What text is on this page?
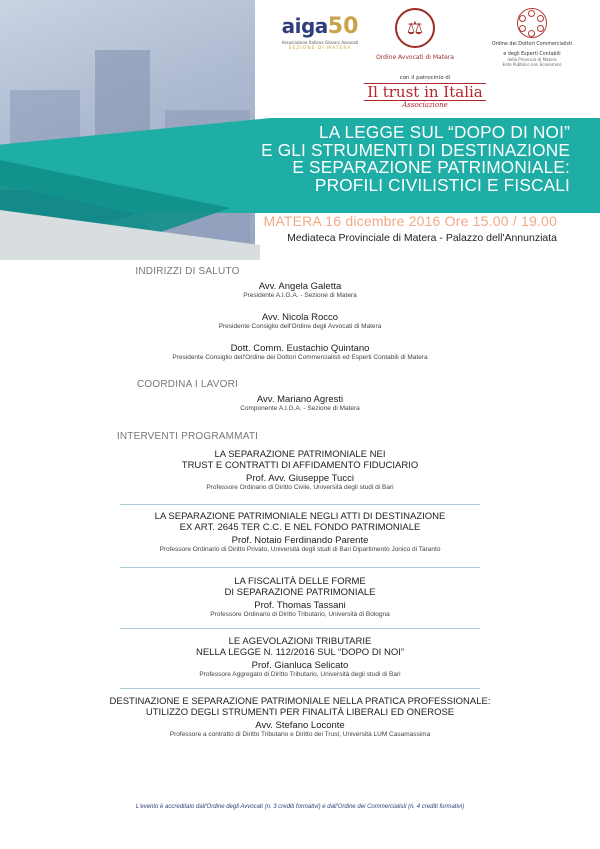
aiga50
Associazione Italiana Giovani Avvocati
SEZIONE DI MATERA
⚖
Ordine Avvocati di Matera
Ordine dei Dottori Commercialisti
e degli Esperti Contabili
della Provincia di Matera
Ente Pubblico non Economico
con il patrocinio di
Il trust in Italia
Associazione
LA LEGGE SUL “DOPO DI NOI”
E GLI STRUMENTI DI DESTINAZIONE
E SEPARAZIONE PATRIMONIALE:
PROFILI CIVILISTICI E FISCALI
MATERA 16 dicembre 2016 Ore 15.00 / 19.00
Mediateca Provinciale di Matera - Palazzo dell'Annunziata
INDIRIZZI DI SALUTO
Avv. Angela Galetta
Presidente A.I.G.A. - Sezione di Matera
Avv. Nicola Rocco
Presidente Consiglio dell'Ordine degli Avvocati di Matera
Dott. Comm. Eustachio Quintano
Presidente Consiglio dell'Ordine dei Dottori Commercialisti ed Esperti Contabili di Matera
COORDINA I LAVORI
Avv. Mariano Agresti
Componente A.I.G.A. - Sezione di Matera
INTERVENTI PROGRAMMATI
LA SEPARAZIONE PATRIMONIALE NEI
TRUST E CONTRATTI DI AFFIDAMENTO FIDUCIARIO
Prof. Avv. Giuseppe Tucci
Professore Ordinario di Diritto Civile, Università degli studi di Bari
LA SEPARAZIONE PATRIMONIALE NEGLI ATTI DI DESTINAZIONE
EX ART. 2645 TER C.C. E NEL FONDO PATRIMONIALE
Prof. Notaio Ferdinando Parente
Professore Ordinario di Diritto Privato, Università degli studi di Bari Dipartimento Jonico di Taranto
LA FISCALITÀ DELLE FORME
DI SEPARAZIONE PATRIMONIALE
Prof. Thomas Tassani
Professore Ordinario di Diritto Tributario, Università di Bologna
LE AGEVOLAZIONI TRIBUTARIE
NELLA LEGGE N. 112/2016 SUL “DOPO DI NOI”
Prof. Gianluca Selicato
Professore Aggregato di Diritto Tributario, Università degli studi di Bari
DESTINAZIONE E SEPARAZIONE PATRIMONIALE NELLA PRATICA PROFESSIONALE:
UTILIZZO DEGLI STRUMENTI PER FINALITÀ LIBERALI ED ONEROSE
Avv. Stefano Loconte
Professore a contratto di Diritto Tributario e Diritto dei Trust, Università LUM Casamassima
L'evento è accreditato dall'Ordine degli Avvocati (n. 3 crediti formativi) e dall'Ordine dei Commercialisti (n. 4 crediti formativi)
